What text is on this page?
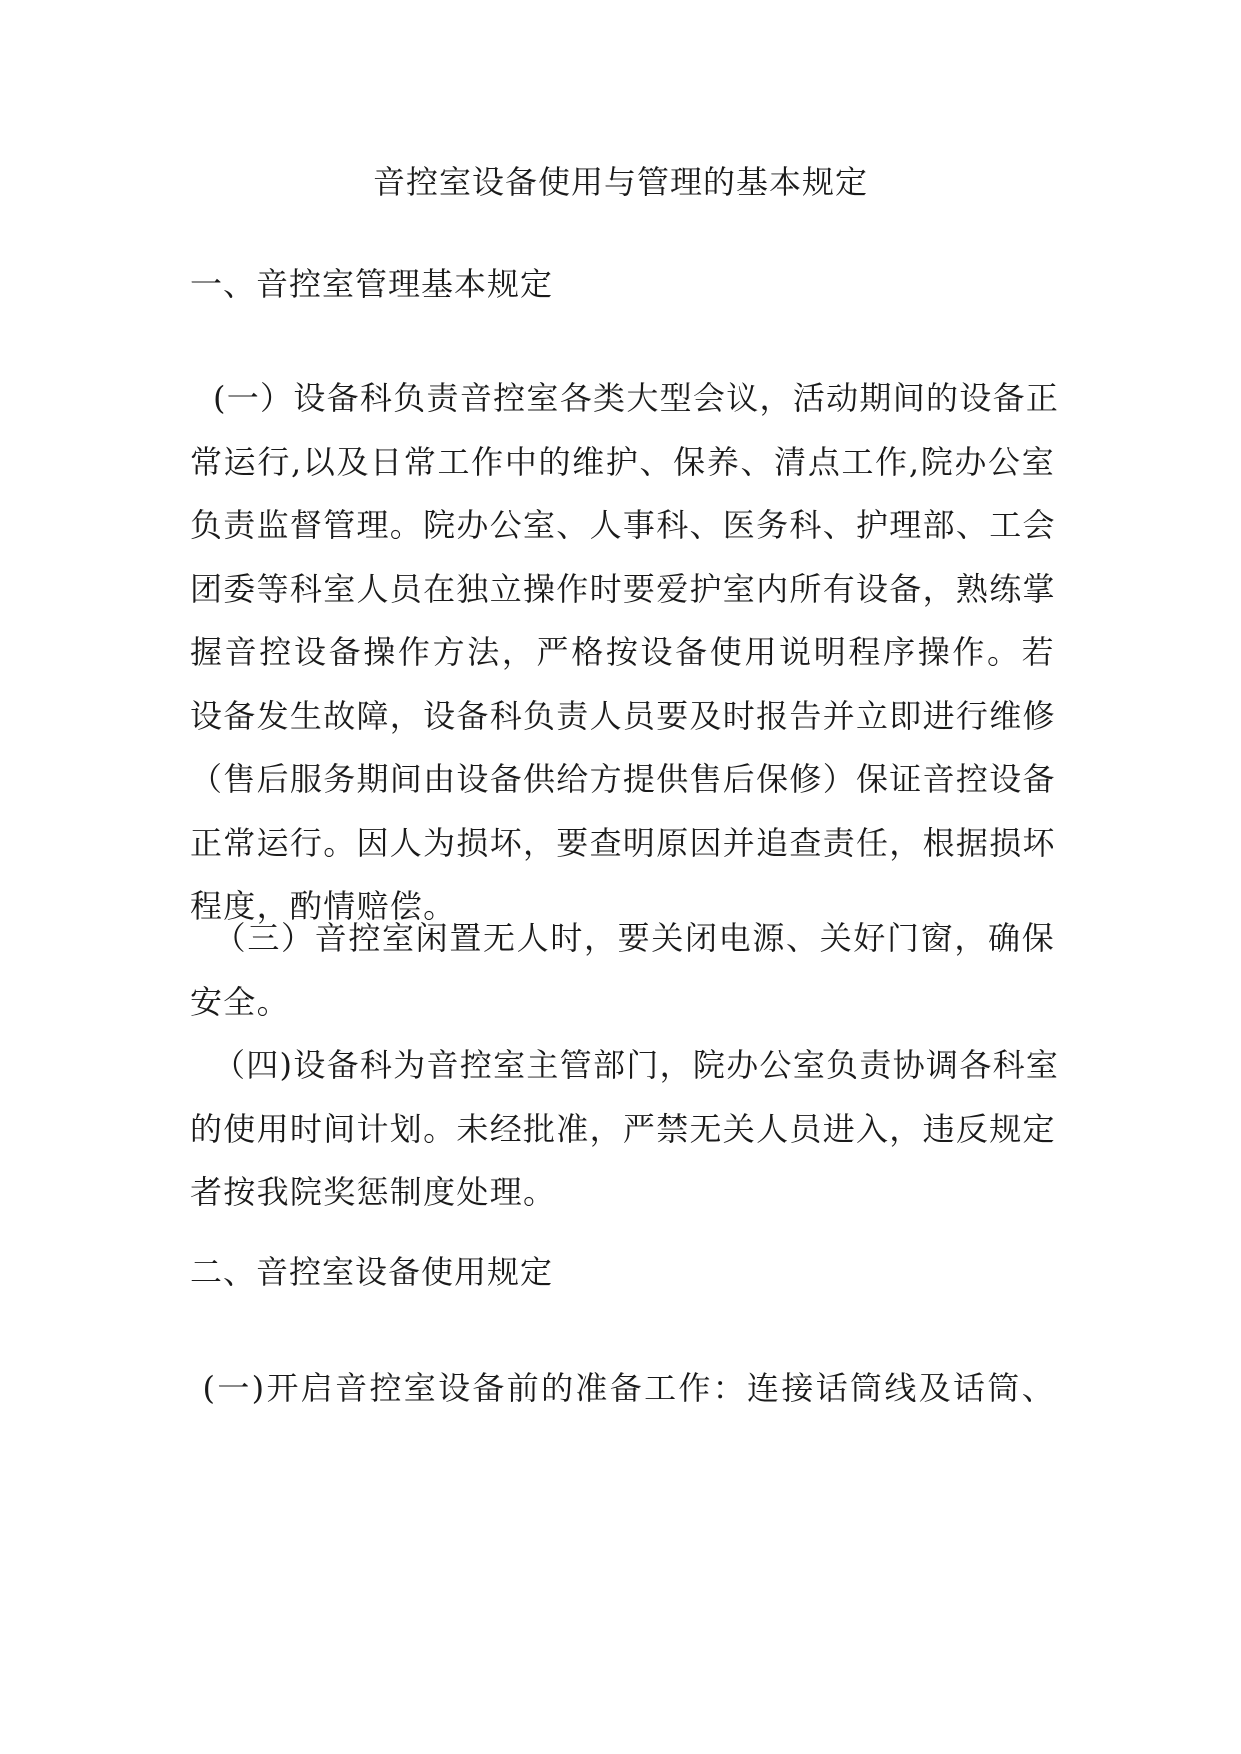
音控室设备使用与管理的基本规定
一、音控室管理基本规定
(一）设备科负责音控室各类大型会议，活动期间的设备正
常运行,以及日常工作中的维护、保养、清点工作,院办公室
负责监督管理。院办公室、人事科、医务科、护理部、工会
团委等科室人员在独立操作时要爱护室内所有设备，熟练掌
握音控设备操作方法，严格按设备使用说明程序操作。若
设备发生故障，设备科负责人员要及时报告并立即进行维修
（售后服务期间由设备供给方提供售后保修）保证音控设备
正常运行。因人为损坏，要查明原因并追查责任，根据损坏
程度，酌情赔偿。
（三）音控室闲置无人时，要关闭电源、关好门窗，确保
安全。
（四)设备科为音控室主管部门，院办公室负责协调各科室
的使用时间计划。未经批准，严禁无关人员进入，违反规定
者按我院奖惩制度处理。
二、音控室设备使用规定
(一)开启音控室设备前的准备工作：连接话筒线及话筒、
